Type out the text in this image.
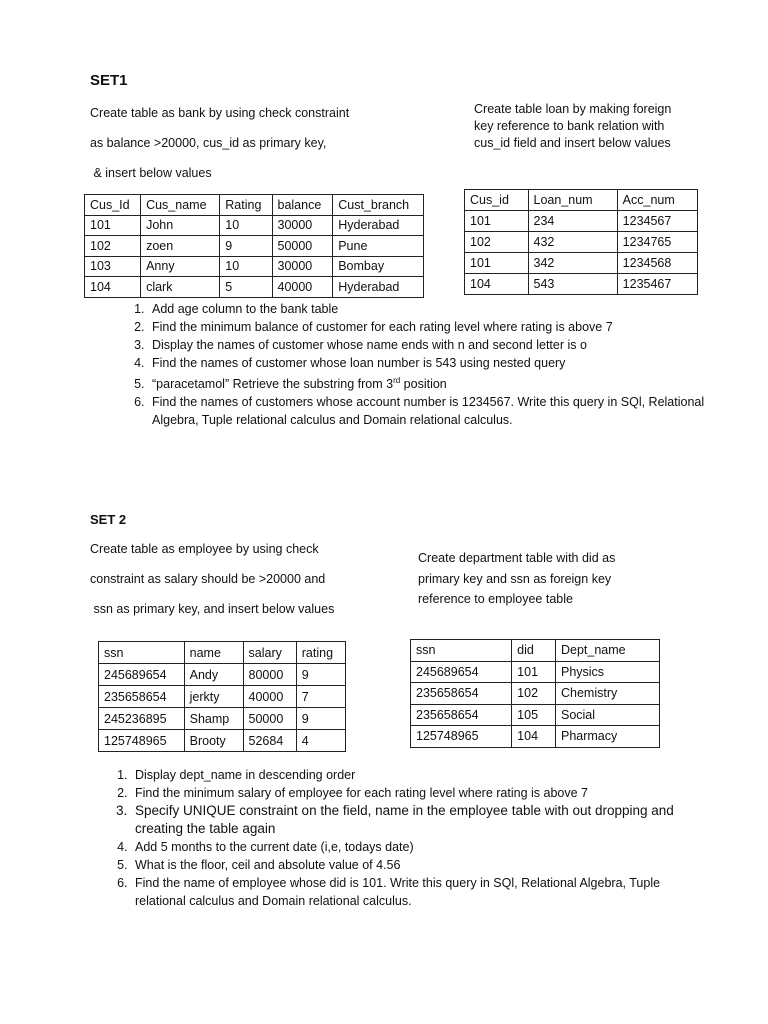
SET1
Create table as bank by using check constraint
as balance >20000, cus_id as primary key,
& insert below values
Create table loan by making foreign
key reference to bank relation with
cus_id field and insert below values
Cus_Id	Cus_name	Rating	balance	Cust_branch
101	John	10	30000	Hyderabad
102	zoen	9	50000	Pune
103	Anny	10	30000	Bombay
104	clark	5	40000	Hyderabad
Cus_id	Loan_num	Acc_num
101	234	1234567
102	432	1234765
101	342	1234568
104	543	1235467
1. Add age column to the bank table
2. Find the minimum balance of customer for each rating level where rating is above 7
3. Display the names of customer whose name ends with n and second letter is o
4. Find the names of customer whose loan number is 543 using nested query
5. “paracetamol” Retrieve the substring from 3rd position
6. Find the names of customers whose account number is 1234567. Write this query in SQl, Relational Algebra, Tuple relational calculus and Domain relational calculus.
SET 2
Create table as employee by using check
constraint as salary should be >20000 and
ssn as primary key, and insert below values
Create department table with did as
primary key and ssn as foreign key
reference to employee table
ssn	name	salary	rating
245689654	Andy	80000	9
235658654	jerkty	40000	7
245236895	Shamp	50000	9
125748965	Brooty	52684	4
ssn	did	Dept_name
245689654	101	Physics
235658654	102	Chemistry
235658654	105	Social
125748965	104	Pharmacy
1. Display dept_name in descending order
2. Find the minimum salary of employee for each rating level where rating is above 7
3. Specify UNIQUE constraint on the field, name in the employee table with out dropping and creating the table again
4. Add 5 months to the current date (i,e, todays date)
5. What is the floor, ceil and absolute value of 4.56
6. Find the name of employee whose did is 101. Write this query in SQl, Relational Algebra, Tuple relational calculus and Domain relational calculus.
